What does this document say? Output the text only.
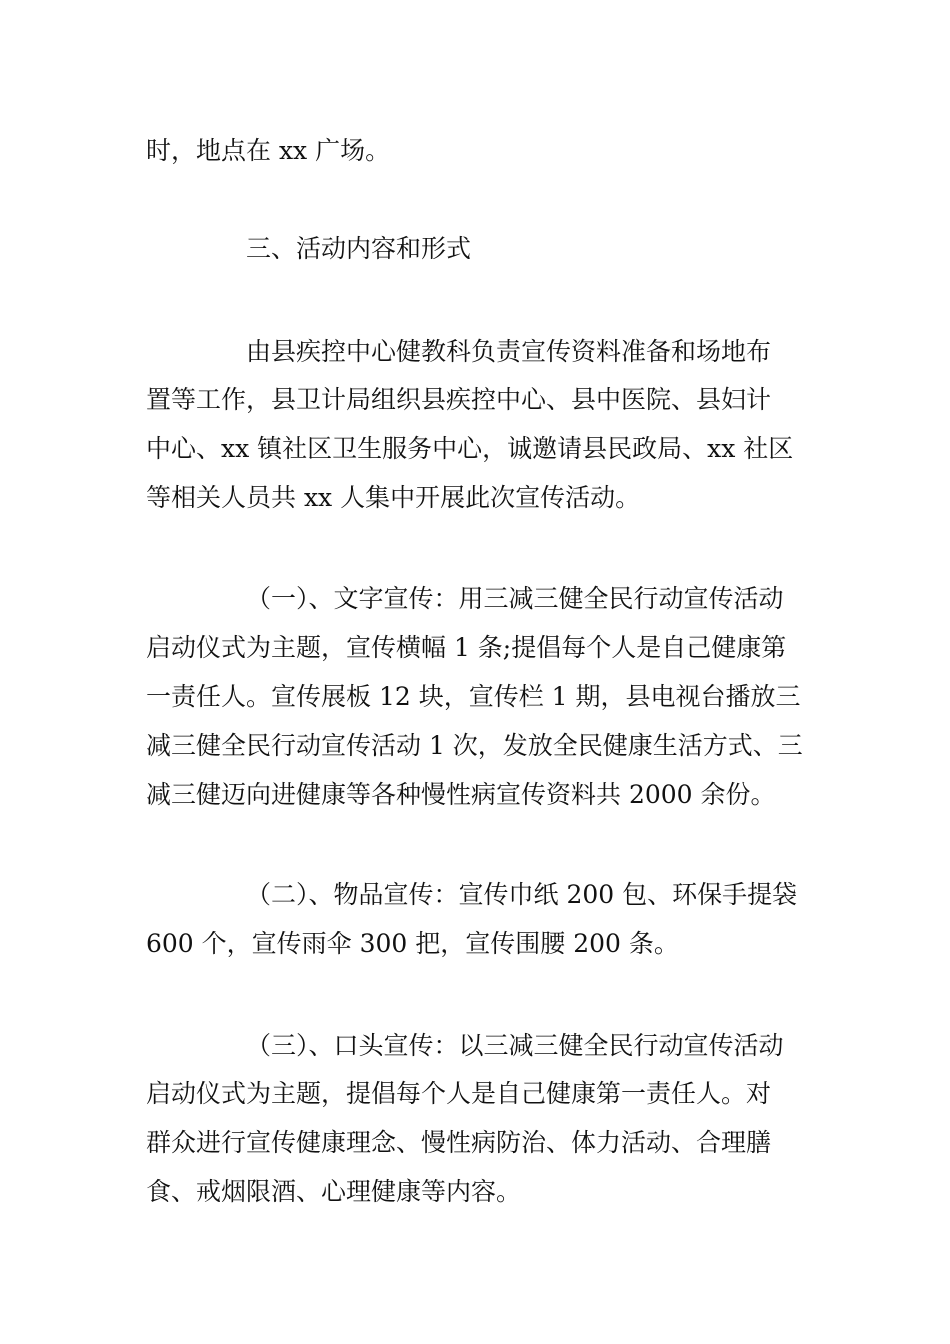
时，地点在 xx 广场。
三、活动内容和形式
由县疾控中心健教科负责宣传资料准备和场地布
置等工作，县卫计局组织县疾控中心、县中医院、县妇计
中心、xx 镇社区卫生服务中心，诚邀请县民政局、xx 社区
等相关人员共 xx 人集中开展此次宣传活动。
（一）、文字宣传：用三减三健全民行动宣传活动
启动仪式为主题，宣传横幅 1 条;提倡每个人是自己健康第
一责任人。宣传展板 12 块，宣传栏 1 期，县电视台播放三
减三健全民行动宣传活动 1 次，发放全民健康生活方式、三
减三健迈向进健康等各种慢性病宣传资料共 2000 余份。
（二）、物品宣传：宣传巾纸 200 包、环保手提袋
600 个，宣传雨伞 300 把，宣传围腰 200 条。
（三）、口头宣传：以三减三健全民行动宣传活动
启动仪式为主题，提倡每个人是自己健康第一责任人。对
群众进行宣传健康理念、慢性病防治、体力活动、合理膳
食、戒烟限酒、心理健康等内容。
